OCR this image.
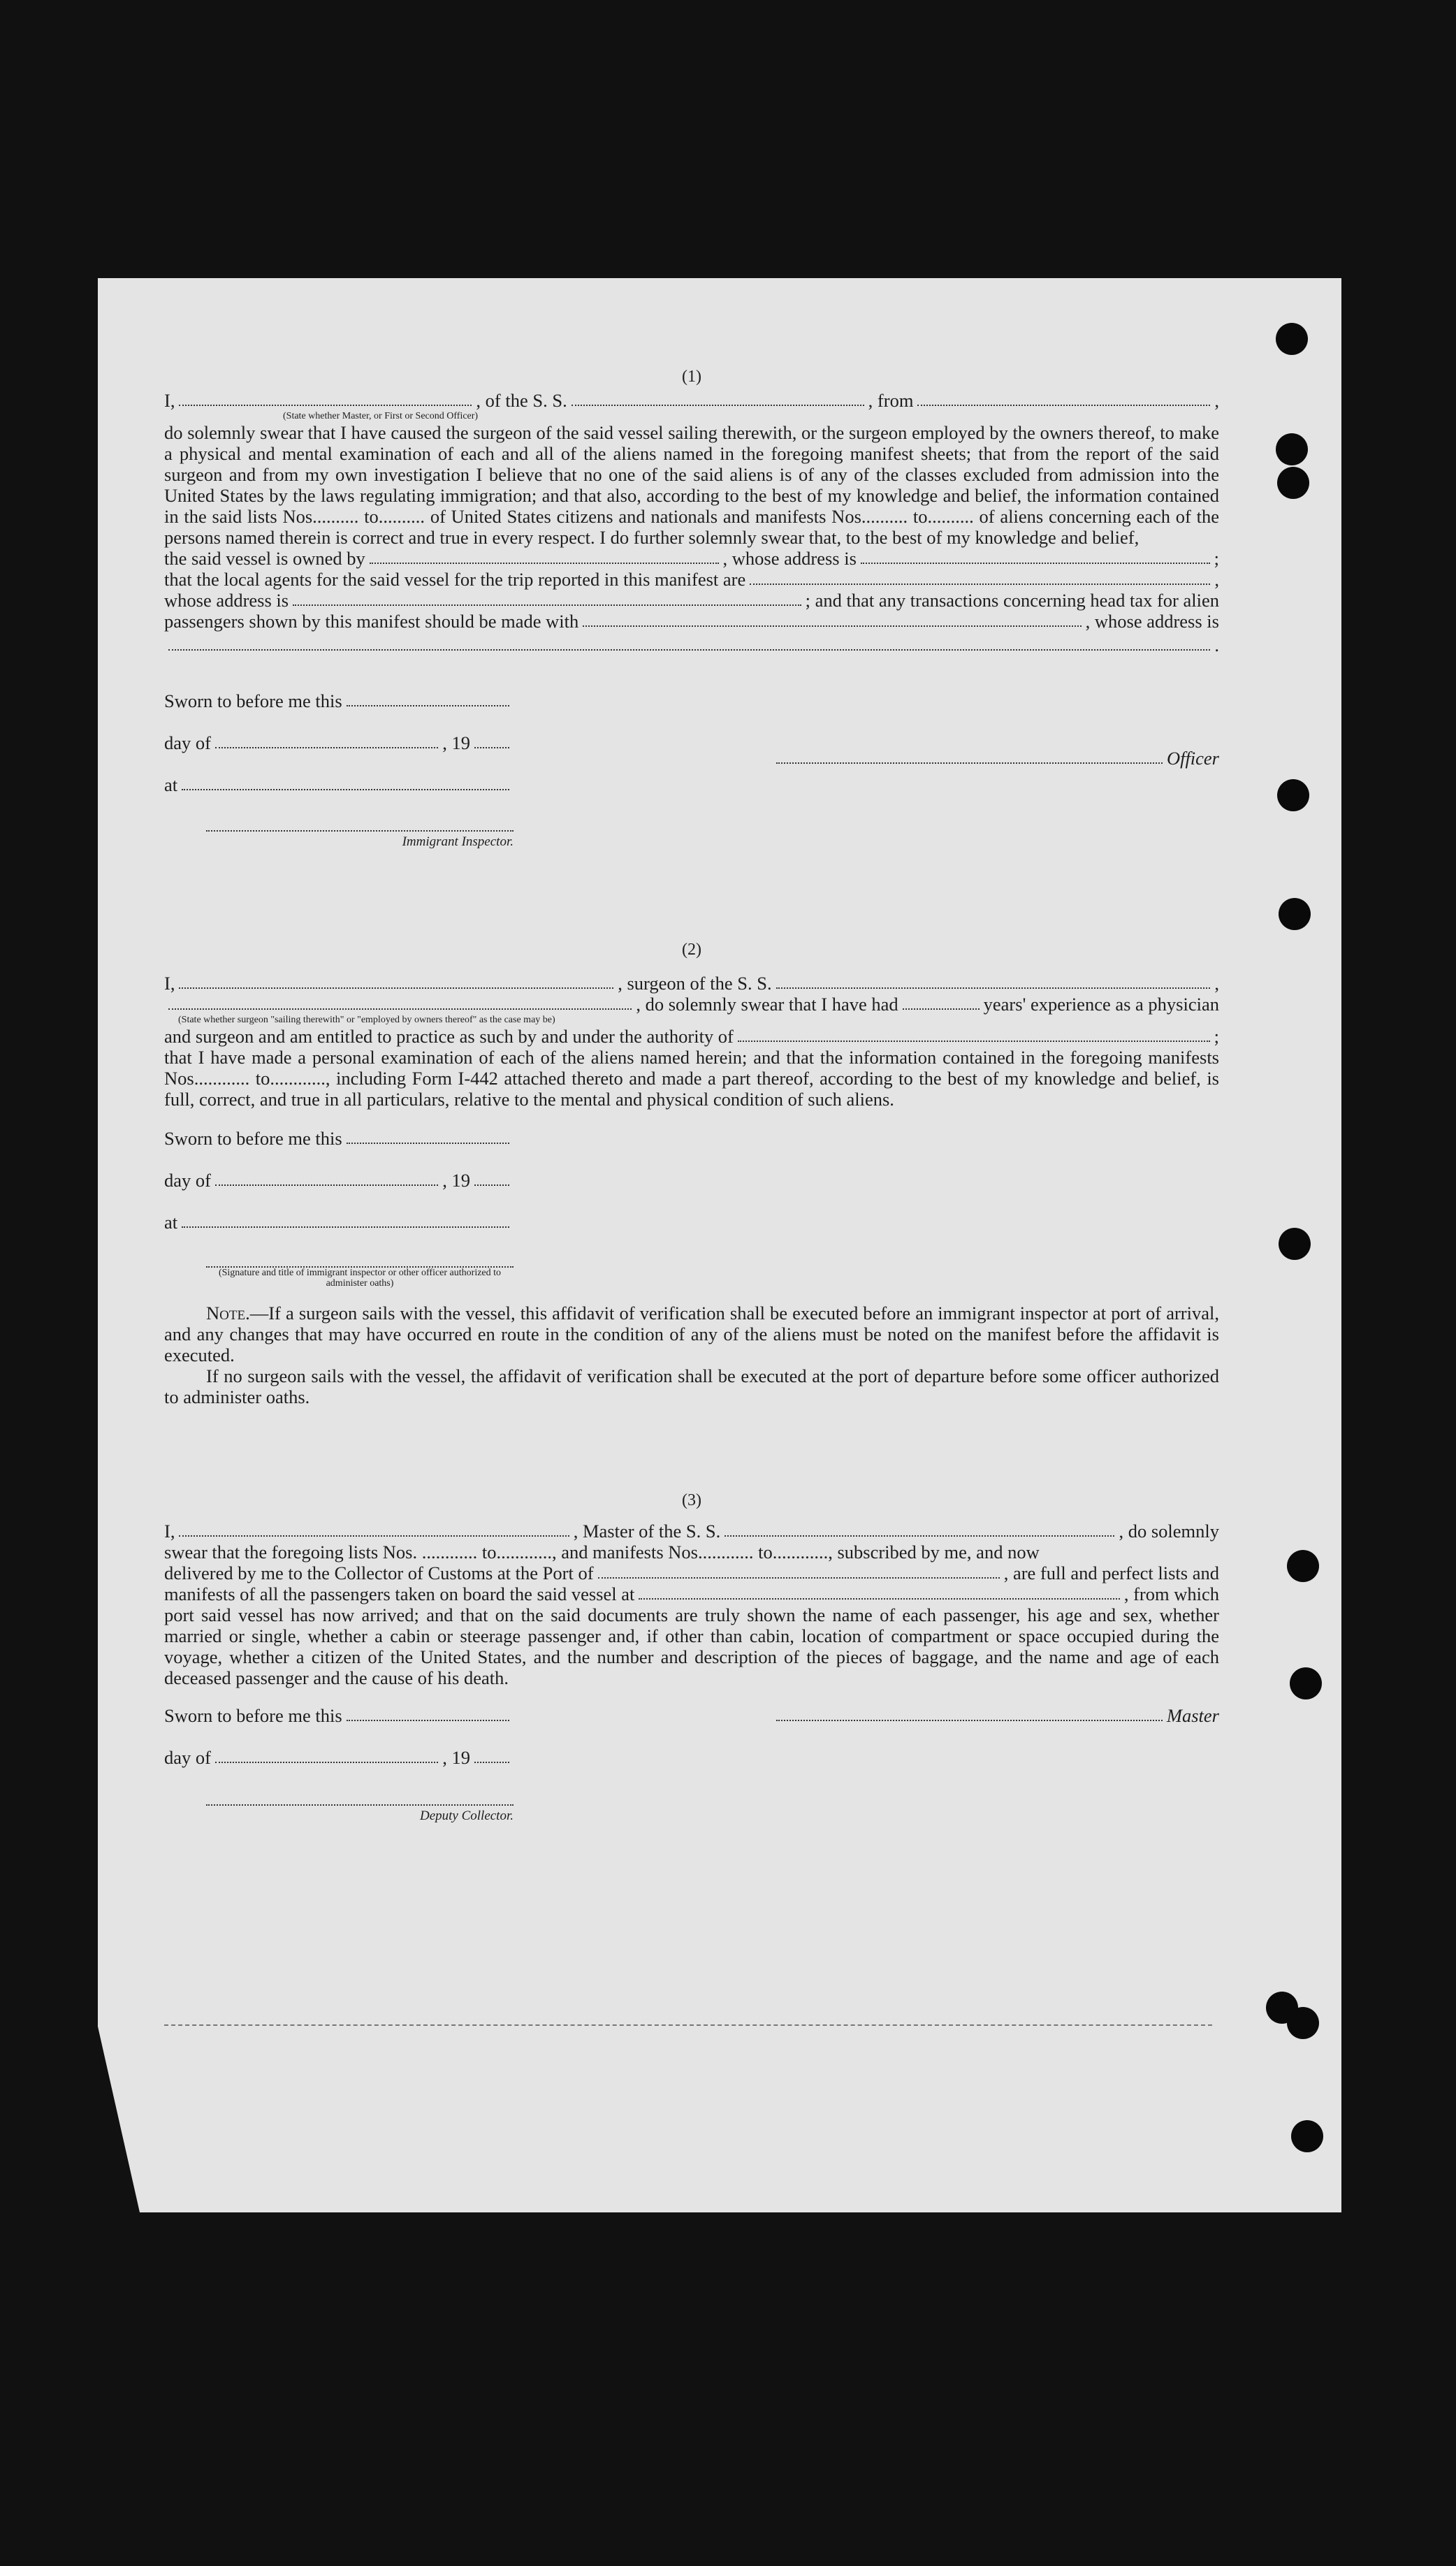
(1)
I,	, of the S. S.	, from	,
(State whether Master, or First or Second Officer)

do solemnly swear that I have caused the surgeon of the said vessel sailing therewith, or the surgeon employed by the owners thereof, to make a physical and mental examination of each and all of the aliens named in the foregoing manifest sheets; that from the report of the said surgeon and from my own investigation I believe that no one of the said aliens is of any of the classes excluded from admission into the United States by the laws regulating immigration; and that also, according to the best of my knowledge and belief, the information contained in the said lists Nos.......... to.......... of United States citizens and nationals and manifests Nos.......... to.......... of aliens concerning each of the persons named therein is correct and true in every respect. I do further solemnly swear that, to the best of my knowledge and belief,

the said vessel is owned by	, whose address is	;
that the local agents for the said vessel for the trip reported in this manifest are	,
whose address is	; and that any transactions concerning head tax for alien
passengers shown by this manifest should be made with	, whose address is
.
Sworn to before me this
day of	, 19
at
Immigrant Inspector.
Officer
(2)
I,	, surgeon of the S. S.	,
, do solemnly swear that I have had	years' experience as a physician
(State whether surgeon "sailing therewith" or "employed by owners thereof" as the case may be)
and surgeon and am entitled to practice as such by and under the authority of	;

that I have made a personal examination of each of the aliens named herein; and that the information contained in the foregoing manifests Nos............ to............, including Form I-442 attached thereto and made a part thereof, according to the best of my knowledge and belief, is full, correct, and true in all particulars, relative to the mental and physical condition of such aliens.

Sworn to before me this
day of	, 19
at
(Signature and title of immigrant inspector or other officer authorized to administer oaths)

Note.—If a surgeon sails with the vessel, this affidavit of verification shall be executed before an immigrant inspector at port of arrival, and any changes that may have occurred en route in the condition of any of the aliens must be noted on the manifest before the affidavit is executed.

If no surgeon sails with the vessel, the affidavit of verification shall be executed at the port of departure before some officer authorized to administer oaths.

(3)
I,	, Master of the S. S.	, do solemnly
swear that the foregoing lists Nos. ............ to............, and manifests Nos............ to............, subscribed by me, and now
delivered by me to the Collector of Customs at the Port of	, are full and perfect lists and
manifests of all the passengers taken on board the said vessel at	, from which

port said vessel has now arrived; and that on the said documents are truly shown the name of each passenger, his age and sex, whether married or single, whether a cabin or steerage passenger and, if other than cabin, location of compartment or space occupied during the voyage, whether a citizen of the United States, and the number and description of the pieces of baggage, and the name and age of each deceased passenger and the cause of his death.

Sworn to before me this
day of	, 19
Deputy Collector.
Master
